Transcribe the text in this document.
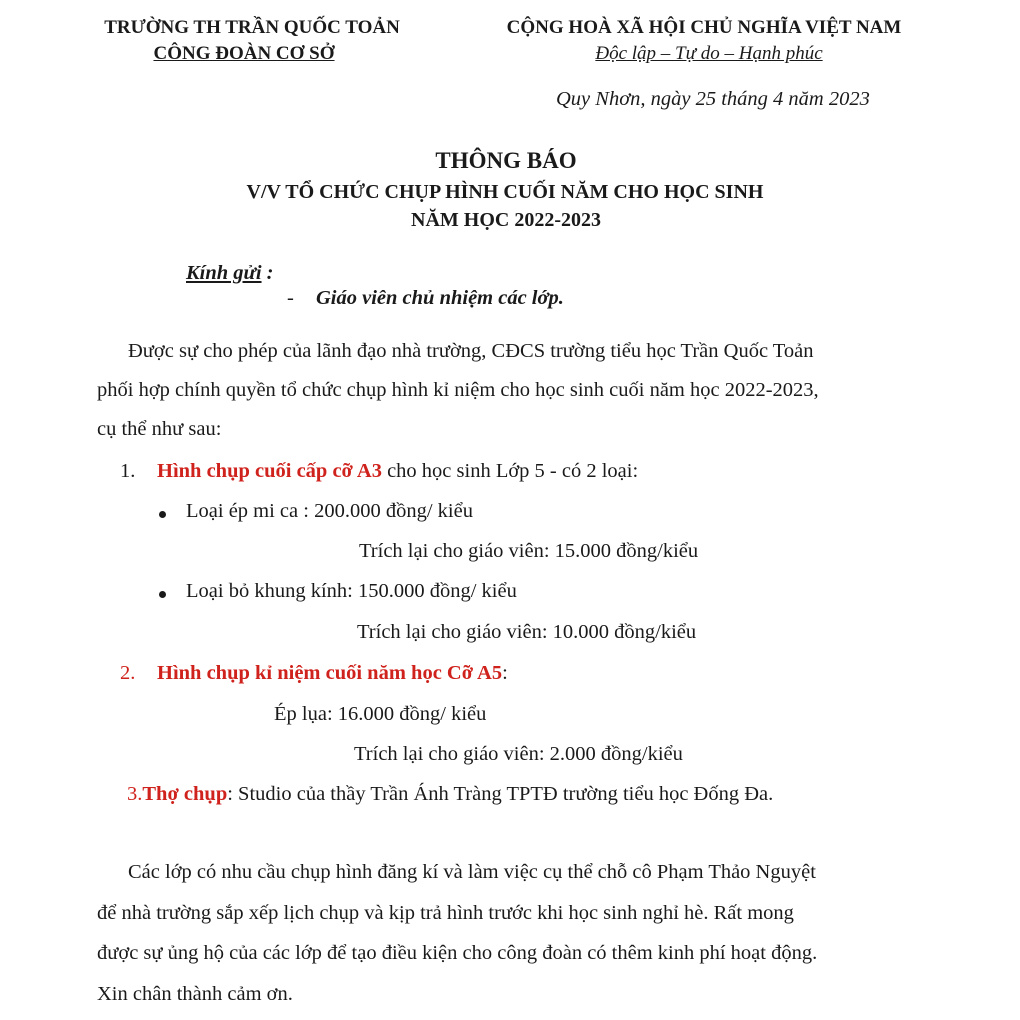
TRƯỜNG TH TRẦN QUỐC TOẢN
CÔNG ĐOÀN CƠ SỞ
CỘNG HOÀ XÃ HỘI CHỦ NGHĨA VIỆT NAM
Độc lập – Tự do – Hạnh phúc
Quy Nhơn, ngày 25 tháng 4 năm 2023
THÔNG BÁO
V/V TỔ CHỨC CHỤP HÌNH CUỐI NĂM CHO HỌC SINH
NĂM HỌC 2022-2023
Kính gửi :
- Giáo viên chủ nhiệm các lớp.
Được sự cho phép của lãnh đạo nhà trường, CĐCS trường tiểu học Trần Quốc Toản
phối hợp chính quyền tổ chức chụp hình kỉ niệm cho học sinh cuối năm học 2022-2023,
cụ thể như sau:
1. Hình chụp cuối cấp cỡ A3 cho học sinh Lớp 5 - có 2 loại:
Loại ép mi ca : 200.000 đồng/ kiểu
Trích lại cho giáo viên: 15.000 đồng/kiểu
Loại bỏ khung kính: 150.000 đồng/ kiểu
Trích lại cho giáo viên: 10.000 đồng/kiểu
2. Hình chụp kỉ niệm cuối năm học Cỡ A5:
Ép lụa: 16.000 đồng/ kiểu
Trích lại cho giáo viên: 2.000 đồng/kiểu
3.Thợ chụp: Studio của thầy Trần Ánh Tràng TPTĐ trường tiểu học Đống Đa.
Các lớp có nhu cầu chụp hình đăng kí và làm việc cụ thể chỗ cô Phạm Thảo Nguyệt
để nhà trường sắp xếp lịch chụp và kịp trả hình trước khi học sinh nghỉ hè. Rất mong
được sự ủng hộ của các lớp để tạo điều kiện cho công đoàn có thêm kinh phí hoạt động.
Xin chân thành cảm ơn.
